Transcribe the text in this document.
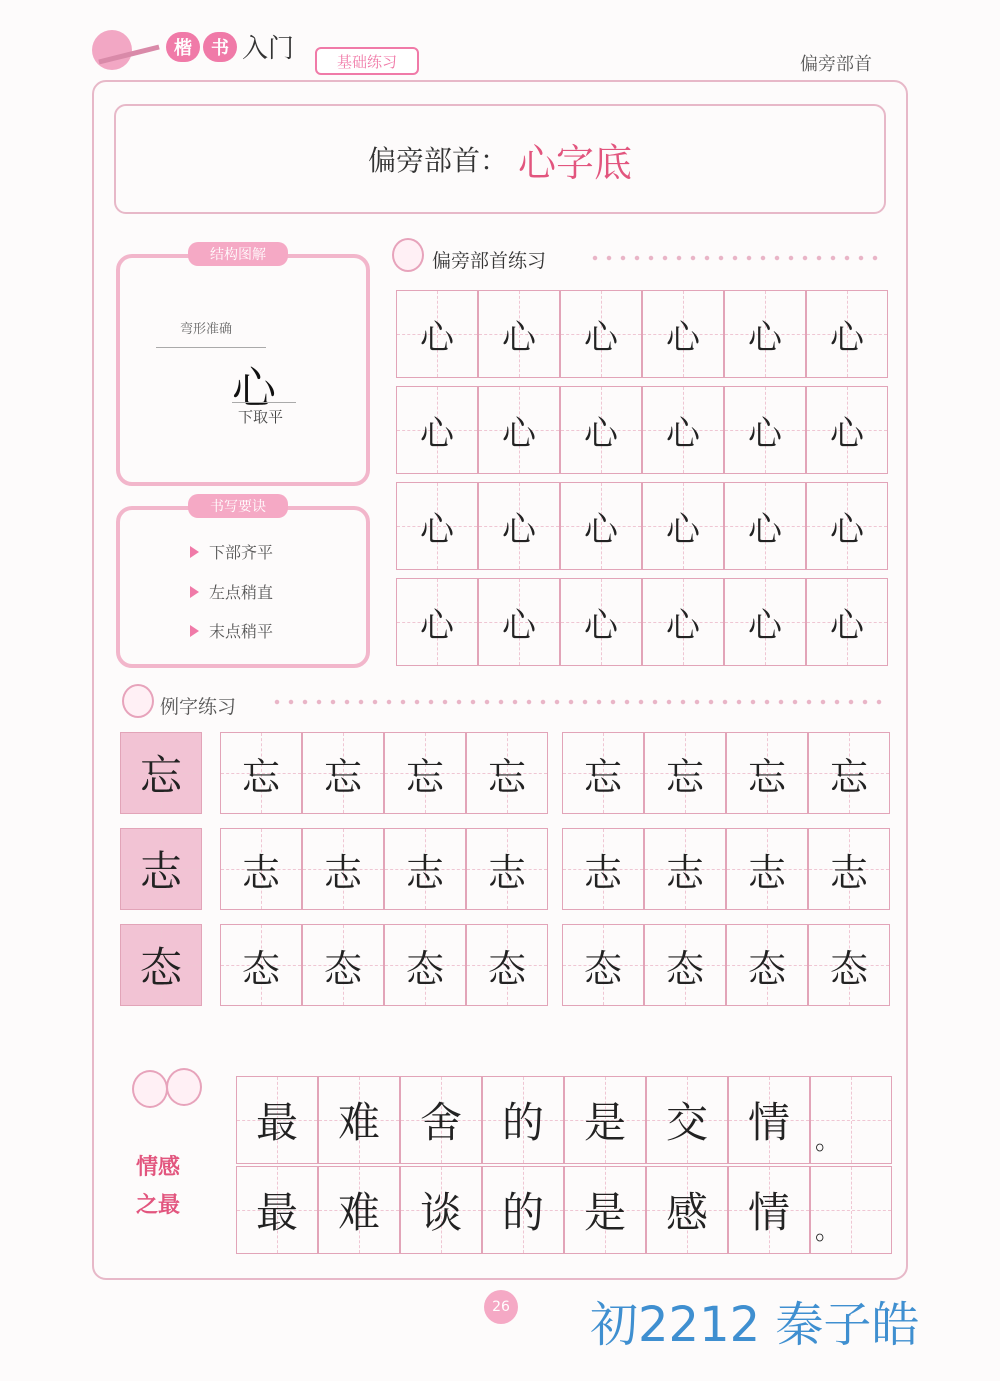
楷 书 入门	基础练习	偏旁部首
偏旁部首： 心字底
结构图解
弯形准确
心
下取平
书写要诀
下部齐平
左点稍直
末点稍平
偏旁部首练习
心	心	心	心	心	心
心	心	心	心	心	心
心	心	心	心	心	心
心	心	心	心	心	心
例字练习
忘	忘	忘	忘	忘	忘	忘	忘	忘
志	志	志	志	志	志	志	志	志
态	态	态	态	态	态	态	态	态
情感
之最
最 难 舍 的 是 交 情 。
最 难 谈 的 是 感 情 。
26 初2212 秦子皓
